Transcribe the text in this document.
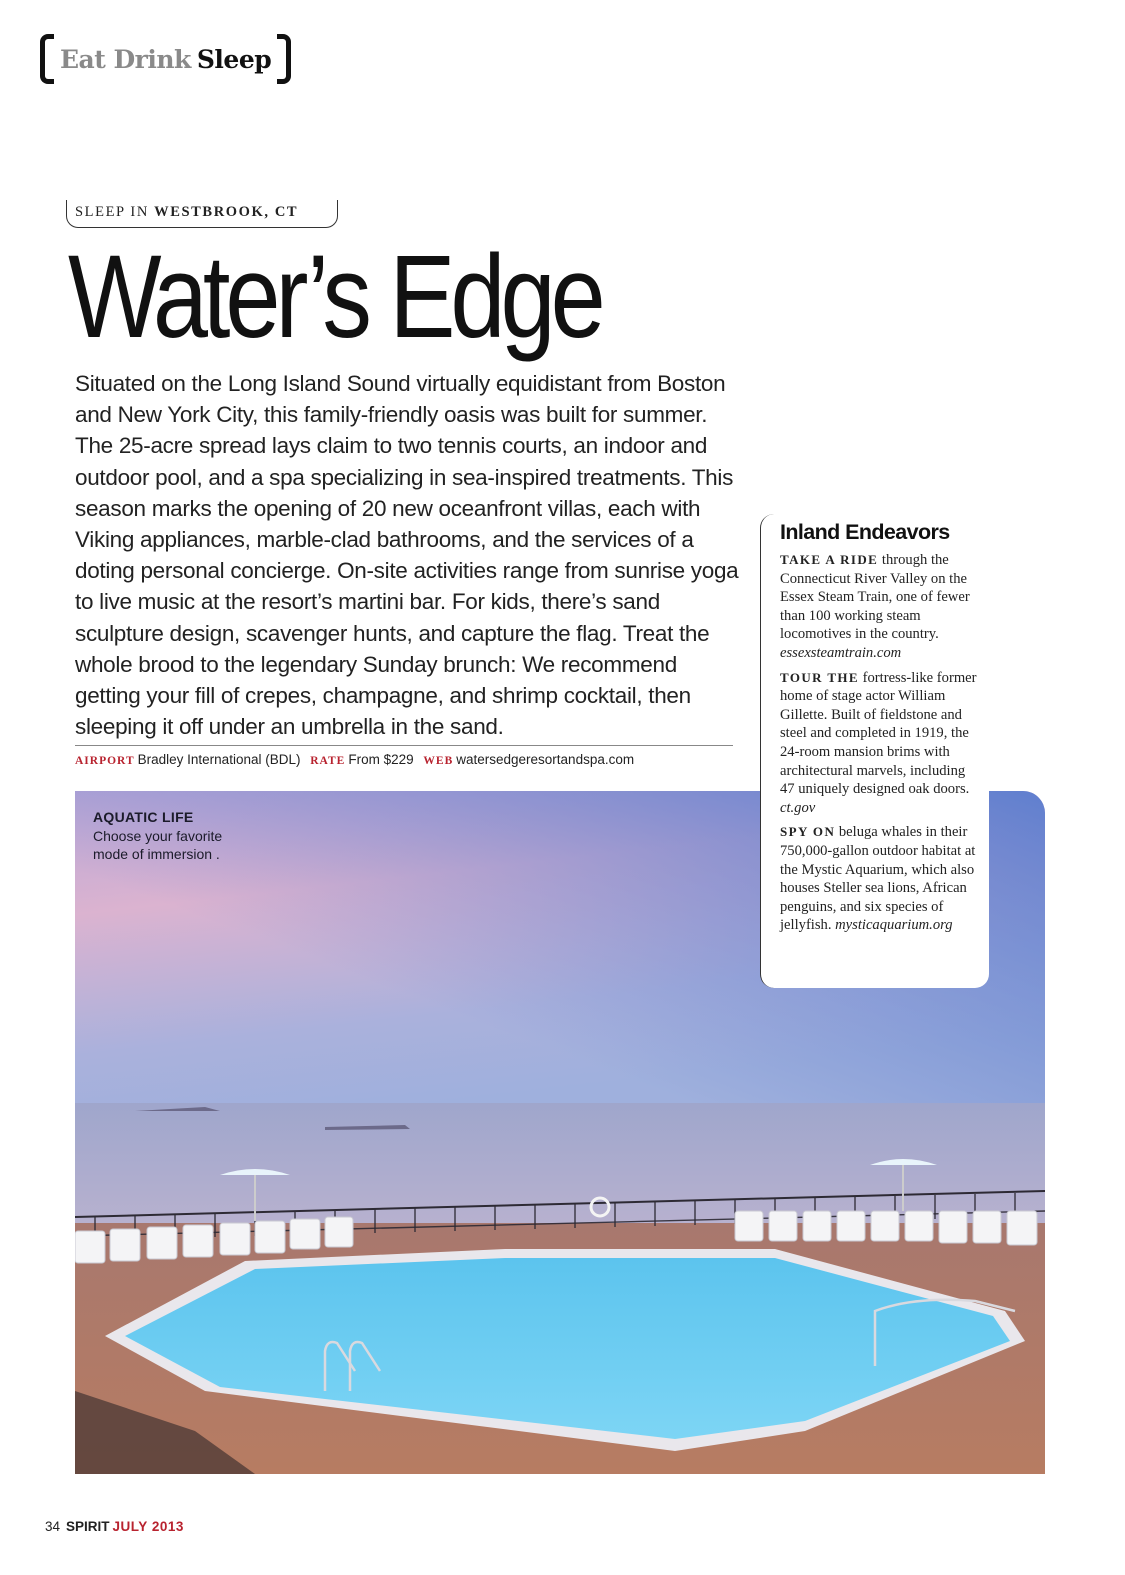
Eat Drink Sleep
SLEEP IN WESTBROOK, CT
Water’s Edge

Situated on the Long Island Sound virtually equidistant from Boston and New York City, this family-friendly oasis was built for summer. The 25-acre spread lays claim to two tennis courts, an indoor and outdoor pool, and a spa specializing in sea-inspired treatments. This season marks the opening of 20 new oceanfront villas, each with Viking appliances, marble-clad bathrooms, and the services of a doting personal concierge. On-site activities range from sunrise yoga to live music at the resort’s martini bar. For kids, there’s sand sculpture design, scavenger hunts, and capture the flag. Treat the whole brood to the legendary Sunday brunch: We recommend getting your fill of crepes, champagne, and shrimp cocktail, then sleeping it off under an umbrella in the sand.

AIRPORT Bradley International (BDL) RATE From $229 WEB watersedgeresortandspa.com
AQUATIC LIFE
Choose your favorite mode of immersion .
Inland Endeavors

TAKE A RIDE through the Connecticut River Valley on the Essex Steam Train, one of fewer than 100 working steam locomotives in the country. essexsteamtrain.com

TOUR THE fortress-like former home of stage actor William Gillette. Built of fieldstone and steel and completed in 1919, the 24-room mansion brims with architectural marvels, including 47 uniquely designed oak doors. ct.gov

SPY ON beluga whales in their 750,000-gallon outdoor habitat at the Mystic Aquarium, which also houses Steller sea lions, African penguins, and six species of jellyfish. mysticaquarium.org

34 SPIRIT JULY 2013
